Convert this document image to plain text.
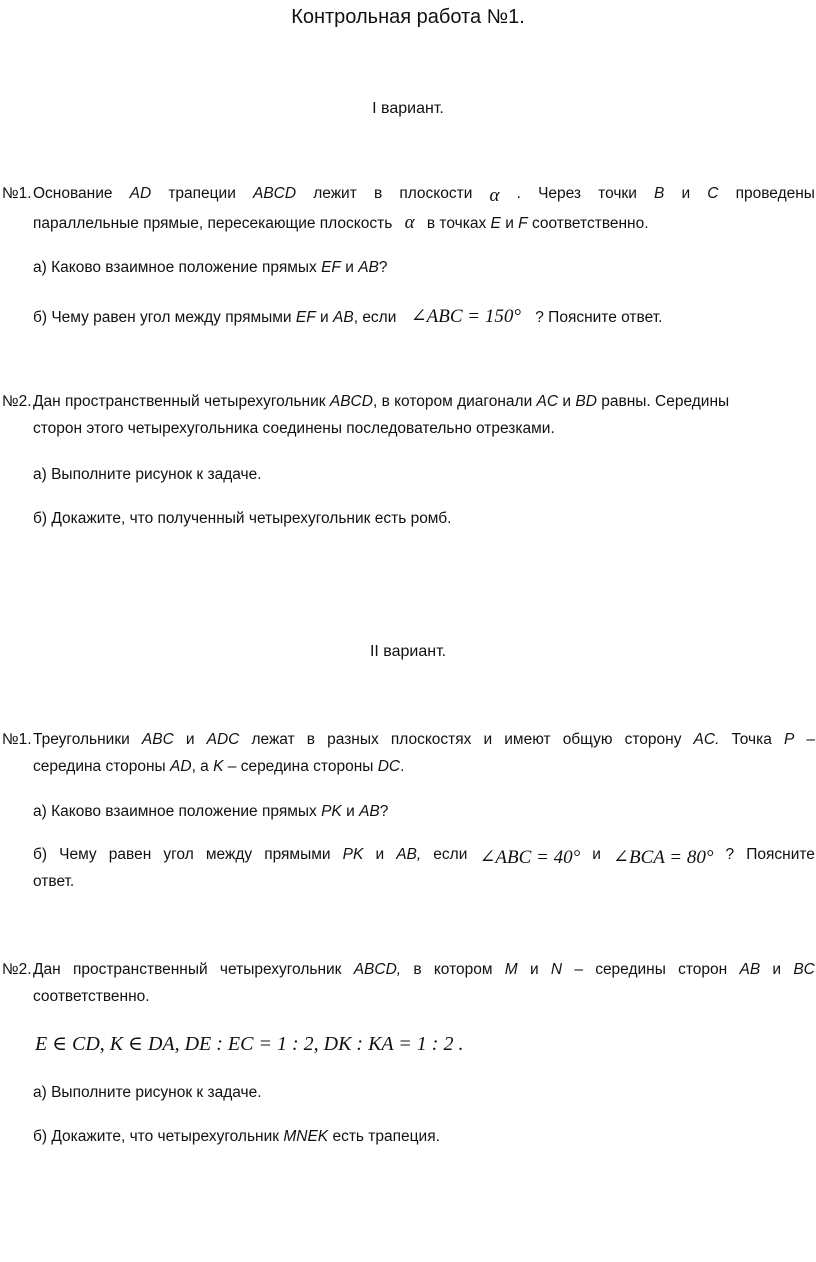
Контрольная работа №1.
I вариант.
№1. Основание AD трапеции ABCD лежит в плоскости α . Через точки B и C проведены
параллельные прямые, пересекающие плоскость α в точках E и F соответственно.
а) Каково взаимное положение прямых EF и AB?
б) Чему равен угол между прямыми EF и AB, если ∠ABC = 150° ? Поясните ответ.
№2. Дан пространственный четырехугольник ABCD, в котором диагонали AC и BD равны. Середины
сторон этого четырехугольника соединены последовательно отрезками.
а) Выполните рисунок к задаче.
б) Докажите, что полученный четырехугольник есть ромб.
II вариант.
№1. Треугольники ABC и ADC лежат в разных плоскостях и имеют общую сторону AC. Точка P –
середина стороны AD, а K – середина стороны DC.
а) Каково взаимное положение прямых PK и AB?
б) Чему равен угол между прямыми PK и AB, если ∠ABC = 40° и ∠BCA = 80° ? Поясните
ответ.
№2. Дан пространственный четырехугольник ABCD, в котором M и N – середины сторон AB и BC
соответственно.
E ∈ CD, K ∈ DA, DE : EC = 1 : 2, DK : KA = 1 : 2 .
а) Выполните рисунок к задаче.
б) Докажите, что четырехугольник MNEK есть трапеция.
